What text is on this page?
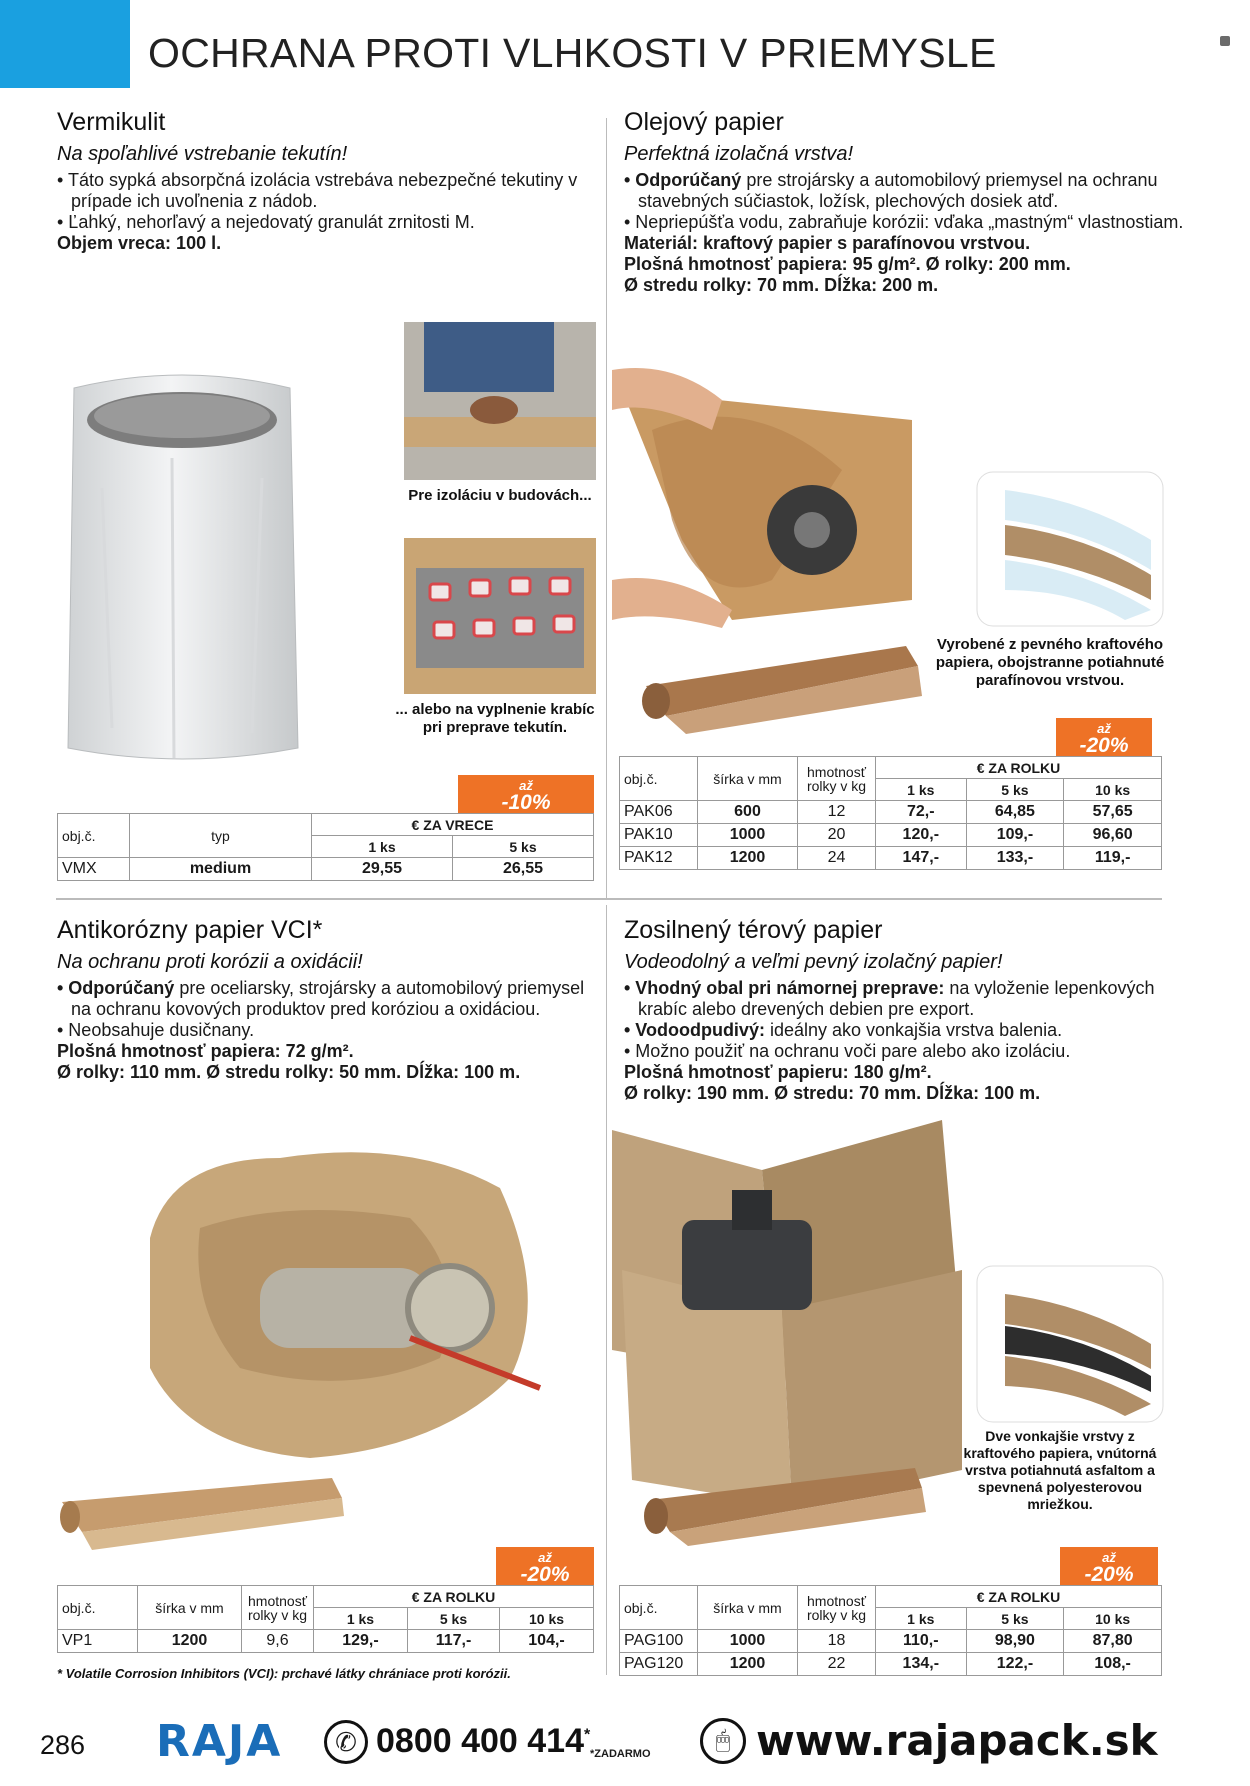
OCHRANA PROTI VLHKOSTI V PRIEMYSLE
Vermikulit
Na spoľahlivé vstrebanie tekutín!
• Táto sypká absorpčná izolácia vstrebáva nebezpečné tekutiny v prípade ich uvoľnenia z nádob.
• Ľahký, nehorľavý a nejedovatý granulát zrnitosti M.
Objem vreca: 100 l.
Pre izoláciu v budovách...
... alebo na vyplnenie krabíc pri preprave tekutín.
až
-10%
obj.č.	typ	€ ZA VRECE	
		1 ks	5 ks
VMX	medium	29,55	26,55
Olejový papier
Perfektná izolačná vrstva!
• Odporúčaný pre strojársky a automobilový priemysel na ochranu stavebných súčiastok, ložísk, plechových dosiek atď.
• Nepriepúšťa vodu, zabraňuje korózii: vďaka „mastným“ vlastnostiam.
Materiál: kraftový papier s parafínovou vrstvou.
Plošná hmotnosť papiera: 95 g/m². Ø rolky: 200 mm.
Ø stredu rolky: 70 mm. Dĺžka: 200 m.
Vyrobené z pevného kraftového papiera, obojstranne potiahnuté parafínovou vrstvou.
až
-20%
obj.č.	šírka v mm	hmotnosť rolky v kg	€ ZA ROLKU		
			1 ks	5 ks	10 ks
PAK06	600	12	72,-	64,85	57,65
PAK10	1000	20	120,-	109,-	96,60
PAK12	1200	24	147,-	133,-	119,-
Antikorózny papier VCI*
Na ochranu proti korózii a oxidácii!
• Odporúčaný pre oceliarsky, strojársky a automobilový priemysel na ochranu kovových produktov pred koróziou a oxidáciou.
• Neobsahuje dusičnany.
Plošná hmotnosť papiera: 72 g/m².
Ø rolky: 110 mm. Ø stredu rolky: 50 mm. Dĺžka: 100 m.
až
-20%
obj.č.	šírka v mm	hmotnosť rolky v kg	€ ZA ROLKU		
			1 ks	5 ks	10 ks
VP1	1200	9,6	129,-	117,-	104,-
* Volatile Corrosion Inhibitors (VCI): prchavé látky chrániace proti korózii.
Zosilnený térový papier
Vodeodolný a veľmi pevný izolačný papier!
• Vhodný obal pri námornej preprave: na vyloženie lepenkových krabíc alebo drevených debien pre export.
• Vodoodpudivý: ideálny ako vonkajšia vrstva balenia.
• Možno použiť na ochranu voči pare alebo ako izoláciu.
Plošná hmotnosť papieru: 180 g/m².
Ø rolky: 190 mm. Ø stredu: 70 mm. Dĺžka: 100 m.
Dve vonkajšie vrstvy z kraftového papiera, vnútorná vrstva potiahnutá asfaltom a spevnená polyesterovou mriežkou.
až
-20%
obj.č.	šírka v mm	hmotnosť rolky v kg	€ ZA ROLKU		
			1 ks	5 ks	10 ks
PAG100	1000	18	110,-	98,90	87,80
PAG120	1200	22	134,-	122,-	108,-
286 RAJA	✆ 0800 400 414*
*ZADARMO	🖱 www.rajapack.sk
